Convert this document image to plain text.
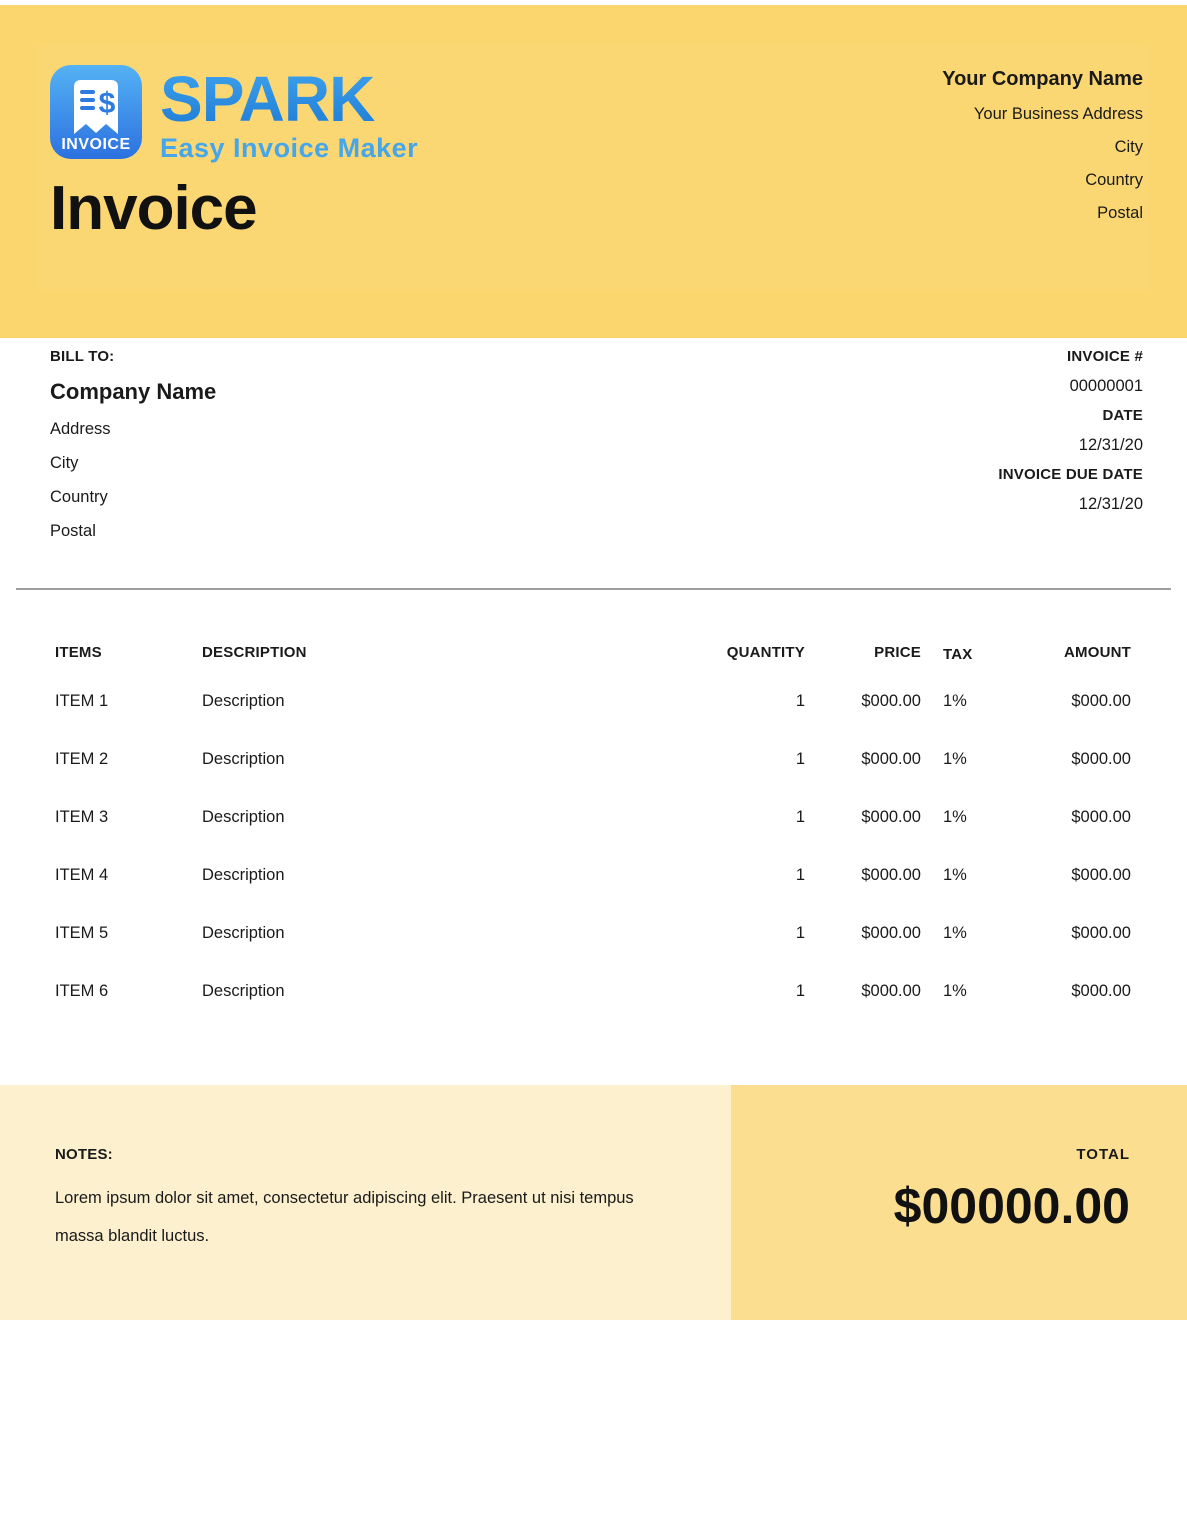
$
INVOICE
SPARK
Easy Invoice Maker
Invoice
Your Company Name
Your Business Address
City
Country
Postal
BILL TO:
Company Name
Address
City
Country
Postal
INVOICE #
00000001
DATE
12/31/20
INVOICE DUE DATE
12/31/20
ITEMS	DESCRIPTION	QUANTITY	PRICE	TAX	AMOUNT
ITEM 1	Description	1	$000.00	1%	$000.00
ITEM 2	Description	1	$000.00	1%	$000.00
ITEM 3	Description	1	$000.00	1%	$000.00
ITEM 4	Description	1	$000.00	1%	$000.00
ITEM 5	Description	1	$000.00	1%	$000.00
ITEM 6	Description	1	$000.00	1%	$000.00
NOTES:
Lorem ipsum dolor sit amet, consectetur adipiscing elit. Praesent ut nisi tempus massa blandit luctus.
TOTAL
$00000.00
